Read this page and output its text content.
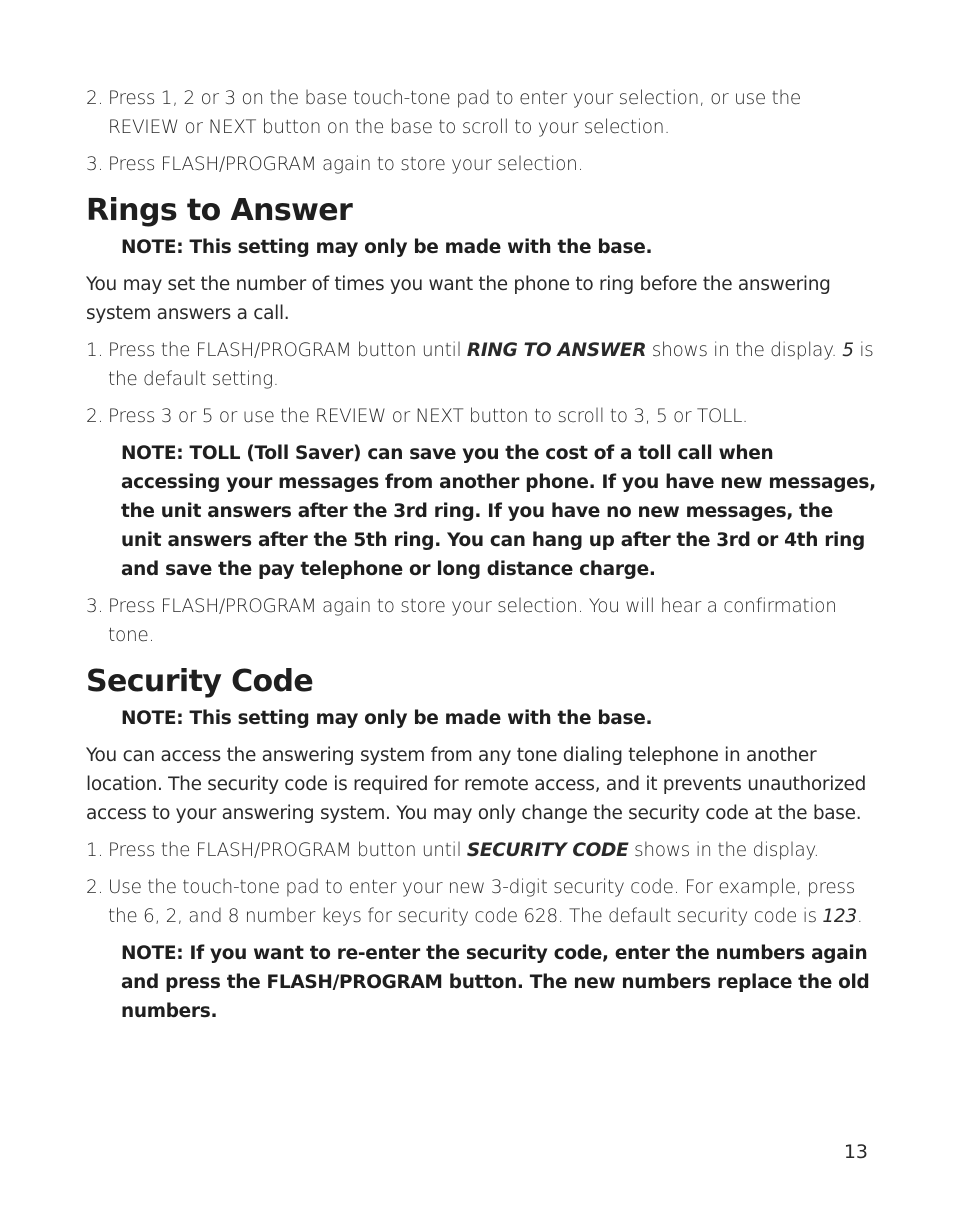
2. Press 1, 2 or 3 on the base touch-tone pad to enter your selection, or use the REVIEW or NEXT button on the base to scroll to your selection.
3. Press FLASH/PROGRAM again to store your selection.
Rings to Answer
NOTE: This setting may only be made with the base.
You may set the number of times you want the phone to ring before the answering system answers a call.
1. Press the FLASH/PROGRAM button until RING TO ANSWER shows in the display. 5 is the default setting.
2. Press 3 or 5 or use the REVIEW or NEXT button to scroll to 3, 5 or TOLL.
NOTE: TOLL (Toll Saver) can save you the cost of a toll call when accessing your messages from another phone. If you have new messages, the unit answers after the 3rd ring. If you have no new messages, the unit answers after the 5th ring. You can hang up after the 3rd or 4th ring and save the pay telephone or long distance charge.
3. Press FLASH/PROGRAM again to store your selection. You will hear a confirmation tone.
Security Code
NOTE: This setting may only be made with the base.
You can access the answering system from any tone dialing telephone in another location. The security code is required for remote access, and it prevents unauthorized access to your answering system. You may only change the security code at the base.
1. Press the FLASH/PROGRAM button until SECURITY CODE shows in the display.
2. Use the touch-tone pad to enter your new 3-digit security code. For example, press the 6, 2, and 8 number keys for security code 628. The default security code is 123.
NOTE: If you want to re-enter the security code, enter the numbers again and press the FLASH/PROGRAM button. The new numbers replace the old numbers.
13
